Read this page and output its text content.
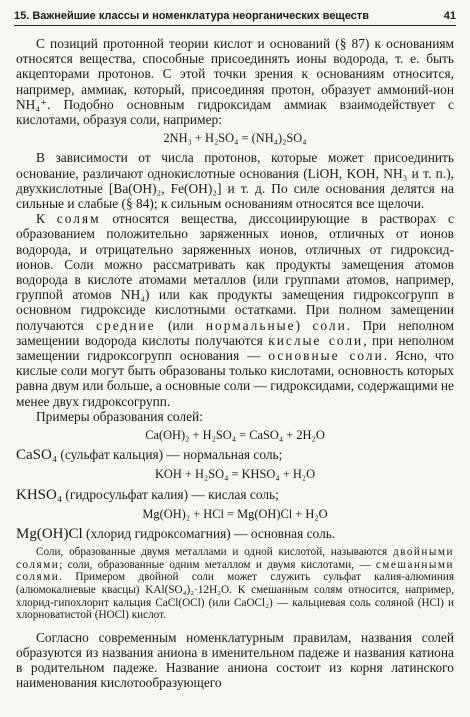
15. Важнейшие классы и номенклатура неорганических веществ	41

С позиций протонной теории кислот и оснований (§ 87) к основаниям относятся вещества, способные присоединять ионы водорода, т. е. быть акцепторами протонов. С этой точки зрения к основаниям относится, например, аммиак, который, присоединяя протон, образует аммоний-ион NH₄⁺. Подобно основным гидроксидам аммиак взаимодействует с кислотами, образуя соли, например:

2NH₃ + H₂SO₄ = (NH₄)₂SO₄

В зависимости от числа протонов, которые может присоединить основание, различают однокислотные основания (LiOH, KOH, NH₃ и т. п.), двухкислотные [Ba(OH)₂, Fe(OH)₂] и т. д. По силе основания делятся на сильные и слабые (§ 84); к сильным основаниям относятся все щелочи.

К солям относятся вещества, диссоциирующие в растворах с образованием положительно заряженных ионов, отличных от ионов водорода, и отрицательно заряженных ионов, отличных от гидроксид-ионов. Соли можно рассматривать как продукты замещения атомов водорода в кислоте атомами металлов (или группами атомов, например, группой атомов NH₄) или как продукты замещения гидроксогрупп в основном гидроксиде кислотными остатками. При полном замещении получаются средние (или нормальные) соли. При неполном замещении водорода кислоты получаются кислые соли, при неполном замещении гидроксогрупп основания — основные соли. Ясно, что кислые соли могут быть образованы только кислотами, основность которых равна двум или больше, а основные соли — гидроксидами, содержащими не менее двух гидроксогрупп.

Примеры образования солей:

Ca(OH)₂ + H₂SO₄ = CaSO₄ + 2H₂O

CaSO₄ (сульфат кальция) — нормальная соль;

KOH + H₂SO₄ = KHSO₄ + H₂O

KHSO₄ (гидросульфат калия) — кислая соль;

Mg(OH)₂ + HCl = Mg(OH)Cl + H₂O

Mg(OH)Cl (хлорид гидроксомагния) — основная соль.

Соли, образованные двумя металлами и одной кислотой, называются двойными солями; соли, образованные одним металлом и двумя кислотами, — смешанными солями. Примером двойной соли может служить сульфат калия-алюминия (алюмокалиевые квасцы) KAl(SO₄)₂·12H₂O. К смешанным солям относится, например, хлорид-гипохлорит кальция CaCl(OCl) (или CaOCl₂) — кальциевая соль соляной (HCl) и хлорноватистой (HOCl) кислот.

Согласно современным номенклатурным правилам, названия солей образуются из названия аниона в именительном падеже и названия катиона в родительном падеже. Название аниона состоит из корня латинского наименования кислотообразующего
